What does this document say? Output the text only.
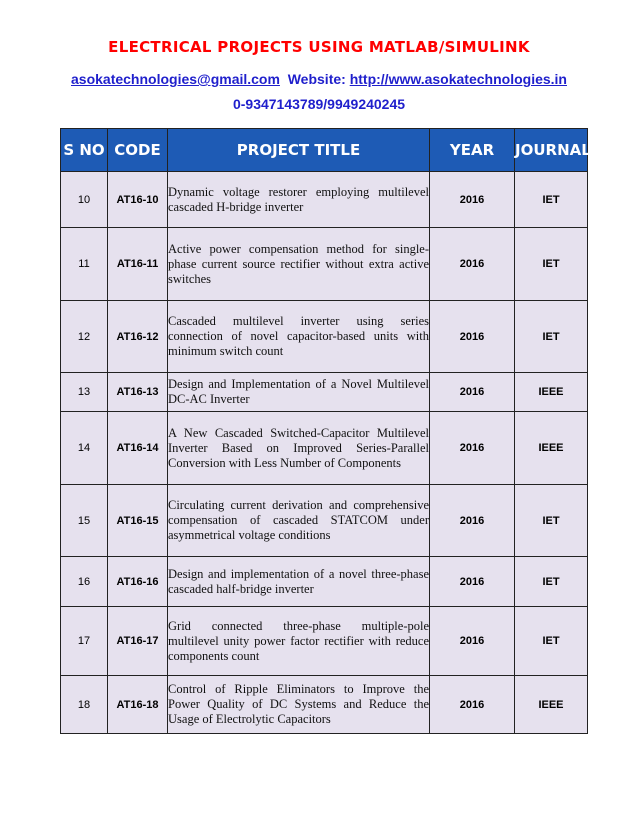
ELECTRICAL PROJECTS USING MATLAB/SIMULINK
asokatechnologies@gmail.com Website: http://www.asokatechnologies.in
0-9347143789/9949240245
S NO	CODE	PROJECT TITLE	YEAR	JOURNAL
10	AT16-10	Dynamic voltage restorer employing multilevel cascaded H-bridge inverter	2016	IET
11	AT16-11	Active power compensation method for single-phase current source rectifier without extra active switches	2016	IET
12	AT16-12	Cascaded multilevel inverter using series connection of novel capacitor-based units with minimum switch count	2016	IET
13	AT16-13	Design and Implementation of a Novel Multilevel DC-AC Inverter	2016	IEEE
14	AT16-14	A New Cascaded Switched-Capacitor Multilevel Inverter Based on Improved Series-Parallel Conversion with Less Number of Components	2016	IEEE
15	AT16-15	Circulating current derivation and comprehensive compensation of cascaded STATCOM under asymmetrical voltage conditions	2016	IET
16	AT16-16	Design and implementation of a novel three-phase cascaded half-bridge inverter	2016	IET
17	AT16-17	Grid connected three-phase multiple-pole multilevel unity power factor rectifier with reduce components count	2016	IET
18	AT16-18	Control of Ripple Eliminators to Improve the Power Quality of DC Systems and Reduce the Usage of Electrolytic Capacitors	2016	IEEE
